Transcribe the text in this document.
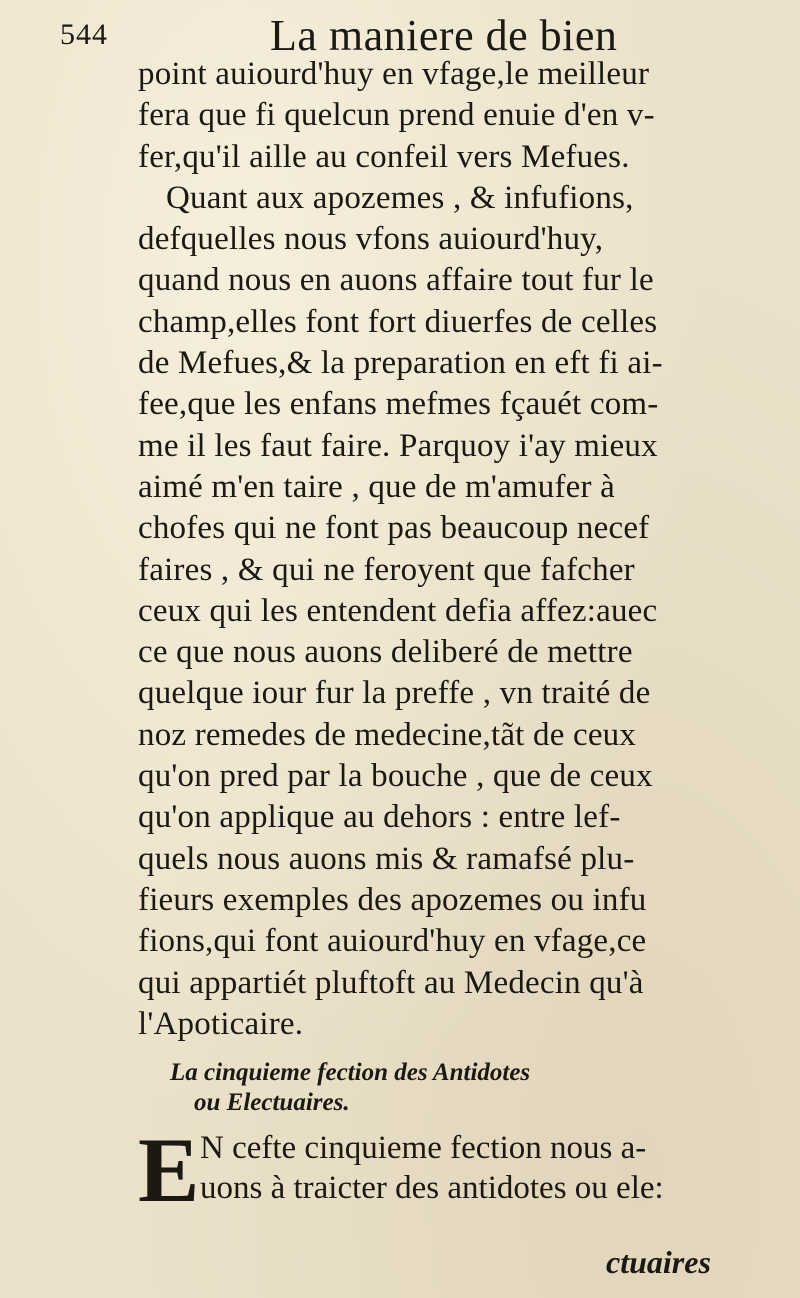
544	La maniere de bien
point auiourd'huy en vfage,le meilleur
fera que fi quelcun prend enuie d'en v-
fer,qu'il aille au confeil vers Mefues.
Quant aux apozemes , & infufions,
defquelles nous vfons auiourd'huy,
quand nous en auons affaire tout fur le
champ,elles font fort diuerfes de celles
de Mefues,& la preparation en eft fi ai-
fee,que les enfans mefmes fçauét com-
me il les faut faire. Parquoy i'ay mieux
aimé m'en taire , que de m'amufer à
chofes qui ne font pas beaucoup necef
faires , & qui ne feroyent que fafcher
ceux qui les entendent defia affez:auec
ce que nous auons deliberé de mettre
quelque iour fur la preffe , vn traité de
noz remedes de medecine,tãt de ceux
qu'on pred par la bouche , que de ceux
qu'on applique au dehors : entre lef-
quels nous auons mis & ramafsé plu-
fieurs exemples des apozemes ou infu
fions,qui font auiourd'huy en vfage,ce
qui appartiét pluftoft au Medecin qu'à
l'Apoticaire.
La cinquieme fection des Antidotes
ou Electuaires.
E N cefte cinquieme fection nous a-
uons à traicter des antidotes ou ele:
ctuaires
